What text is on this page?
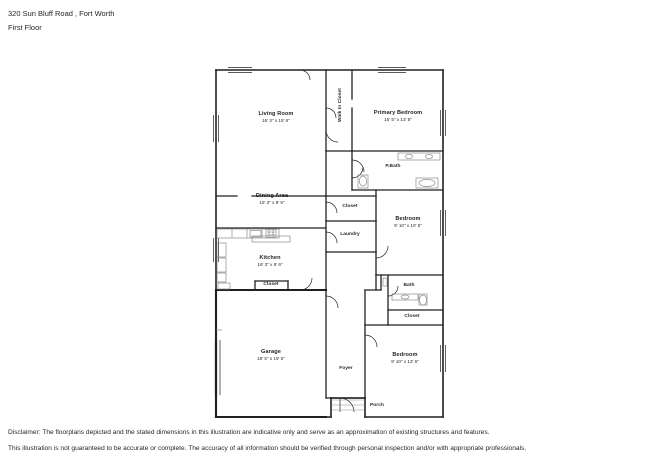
320 Sun Bluff Road , Fort Worth
First Floor
Living Room
16' 3" x 15' 6"	Walk In Closet	Primary Bedroom
16' 5" x 13' 8"
P.Bath
Dining Area
16' 3" x 9' 9"
Closet
Bedroom
9' 10" x 10' 5"
Laundry
Kitchen
16' 3" x 9' 6"
Bath
Closet
Closet
Garage
18' 5" x 19' 5"
Foyer
Bedroom
9' 10" x 13' 6"
Porch

Disclaimer: The floorplans depicted and the stated dimensions in this illustration are indicative only and serve as an approximation of existing structures and features.

This illustration is not guaranteed to be accurate or complete. The accuracy of all information should be verified through personal inspection and/or with appropriate professionals.
